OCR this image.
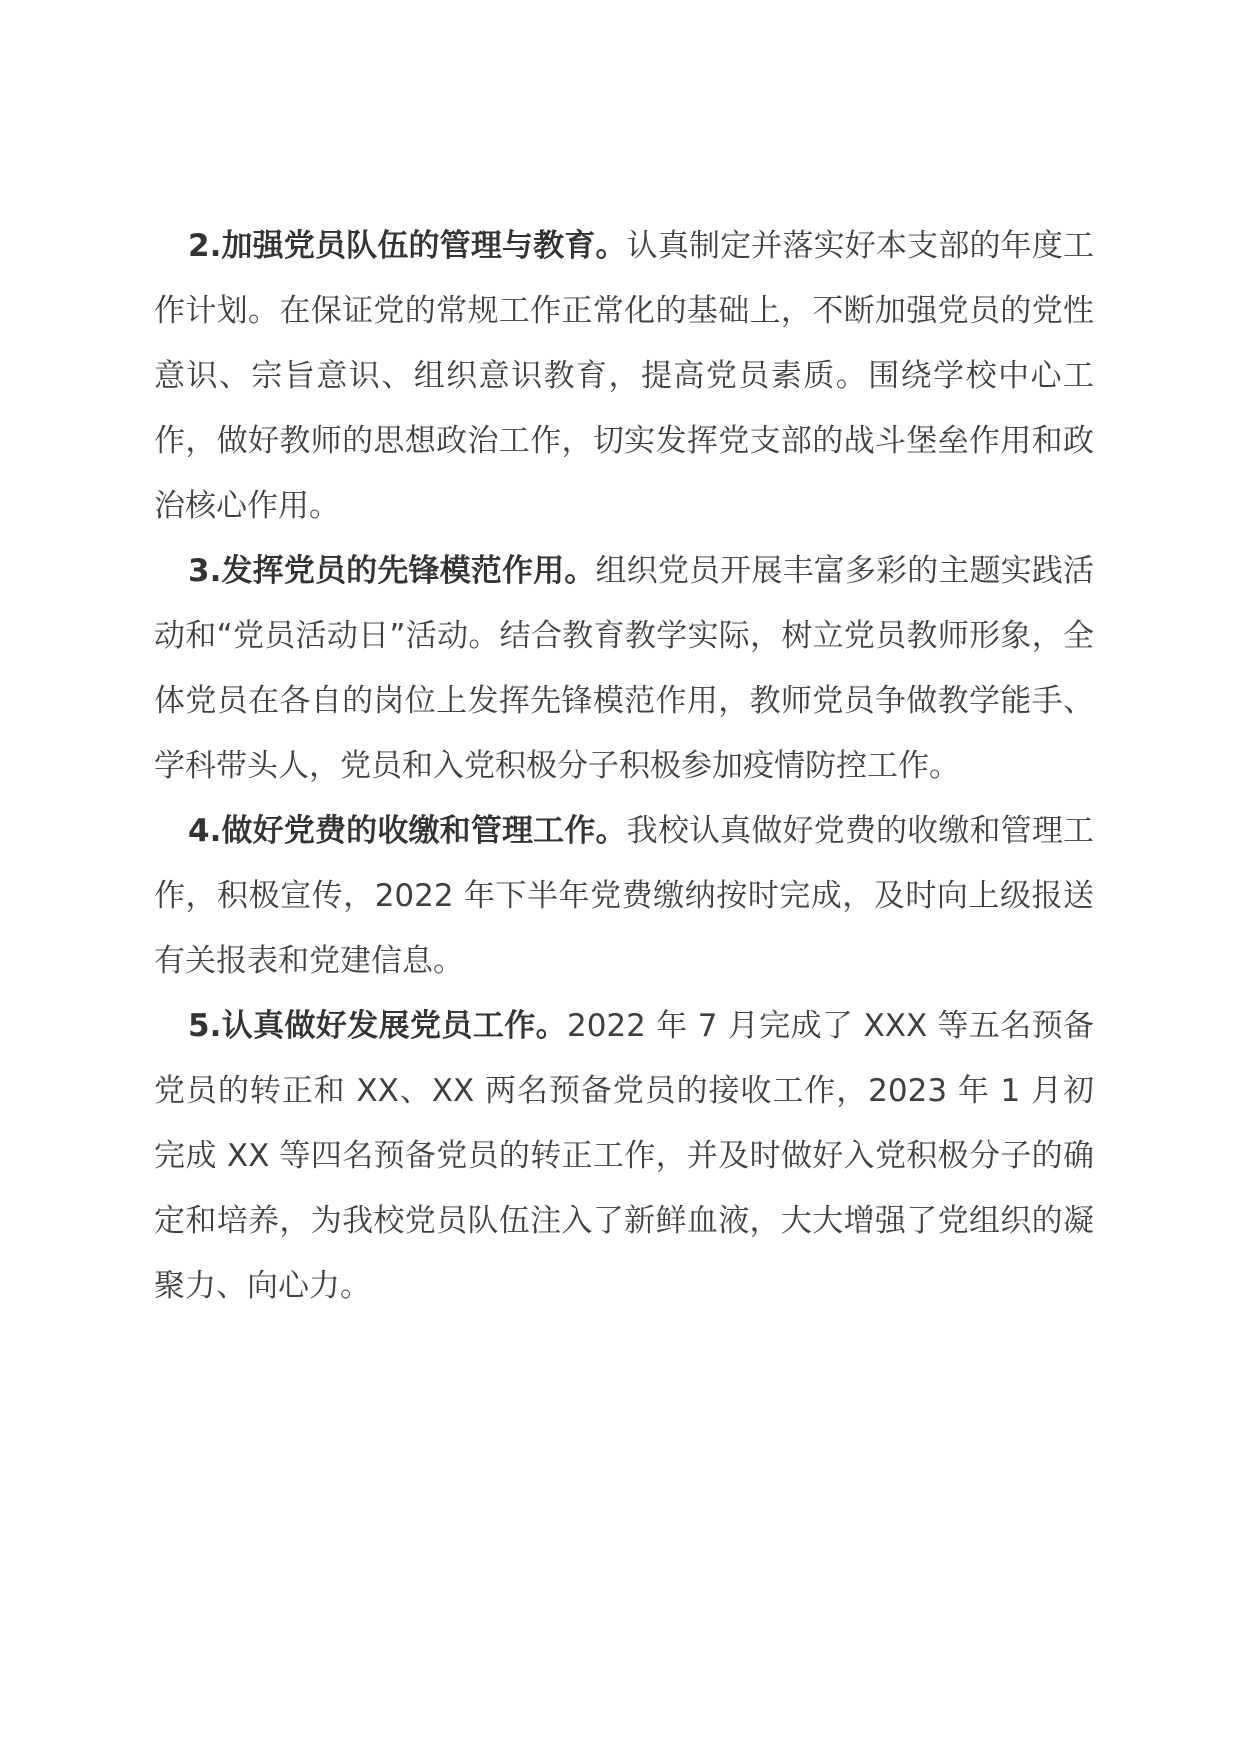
2.加强党员队伍的管理与教育。认真制定并落实好本支部的年度工作计划。在保证党的常规工作正常化的基础上，不断加强党员的党性意识、宗旨意识、组织意识教育，提高党员素质。围绕学校中心工作，做好教师的思想政治工作，切实发挥党支部的战斗堡垒作用和政治核心作用。

3.发挥党员的先锋模范作用。组织党员开展丰富多彩的主题实践活动和“党员活动日”活动。结合教育教学实际，树立党员教师形象，全体党员在各自的岗位上发挥先锋模范作用，教师党员争做教学能手、学科带头人，党员和入党积极分子积极参加疫情防控工作。

4.做好党费的收缴和管理工作。我校认真做好党费的收缴和管理工作，积极宣传，2022 年下半年党费缴纳按时完成，及时向上级报送有关报表和党建信息。

5.认真做好发展党员工作。2022 年 7 月完成了 XXX 等五名预备党员的转正和 XX、XX 两名预备党员的接收工作，2023 年 1 月初完成 XX 等四名预备党员的转正工作，并及时做好入党积极分子的确定和培养，为我校党员队伍注入了新鲜血液，大大增强了党组织的凝聚力、向心力。
